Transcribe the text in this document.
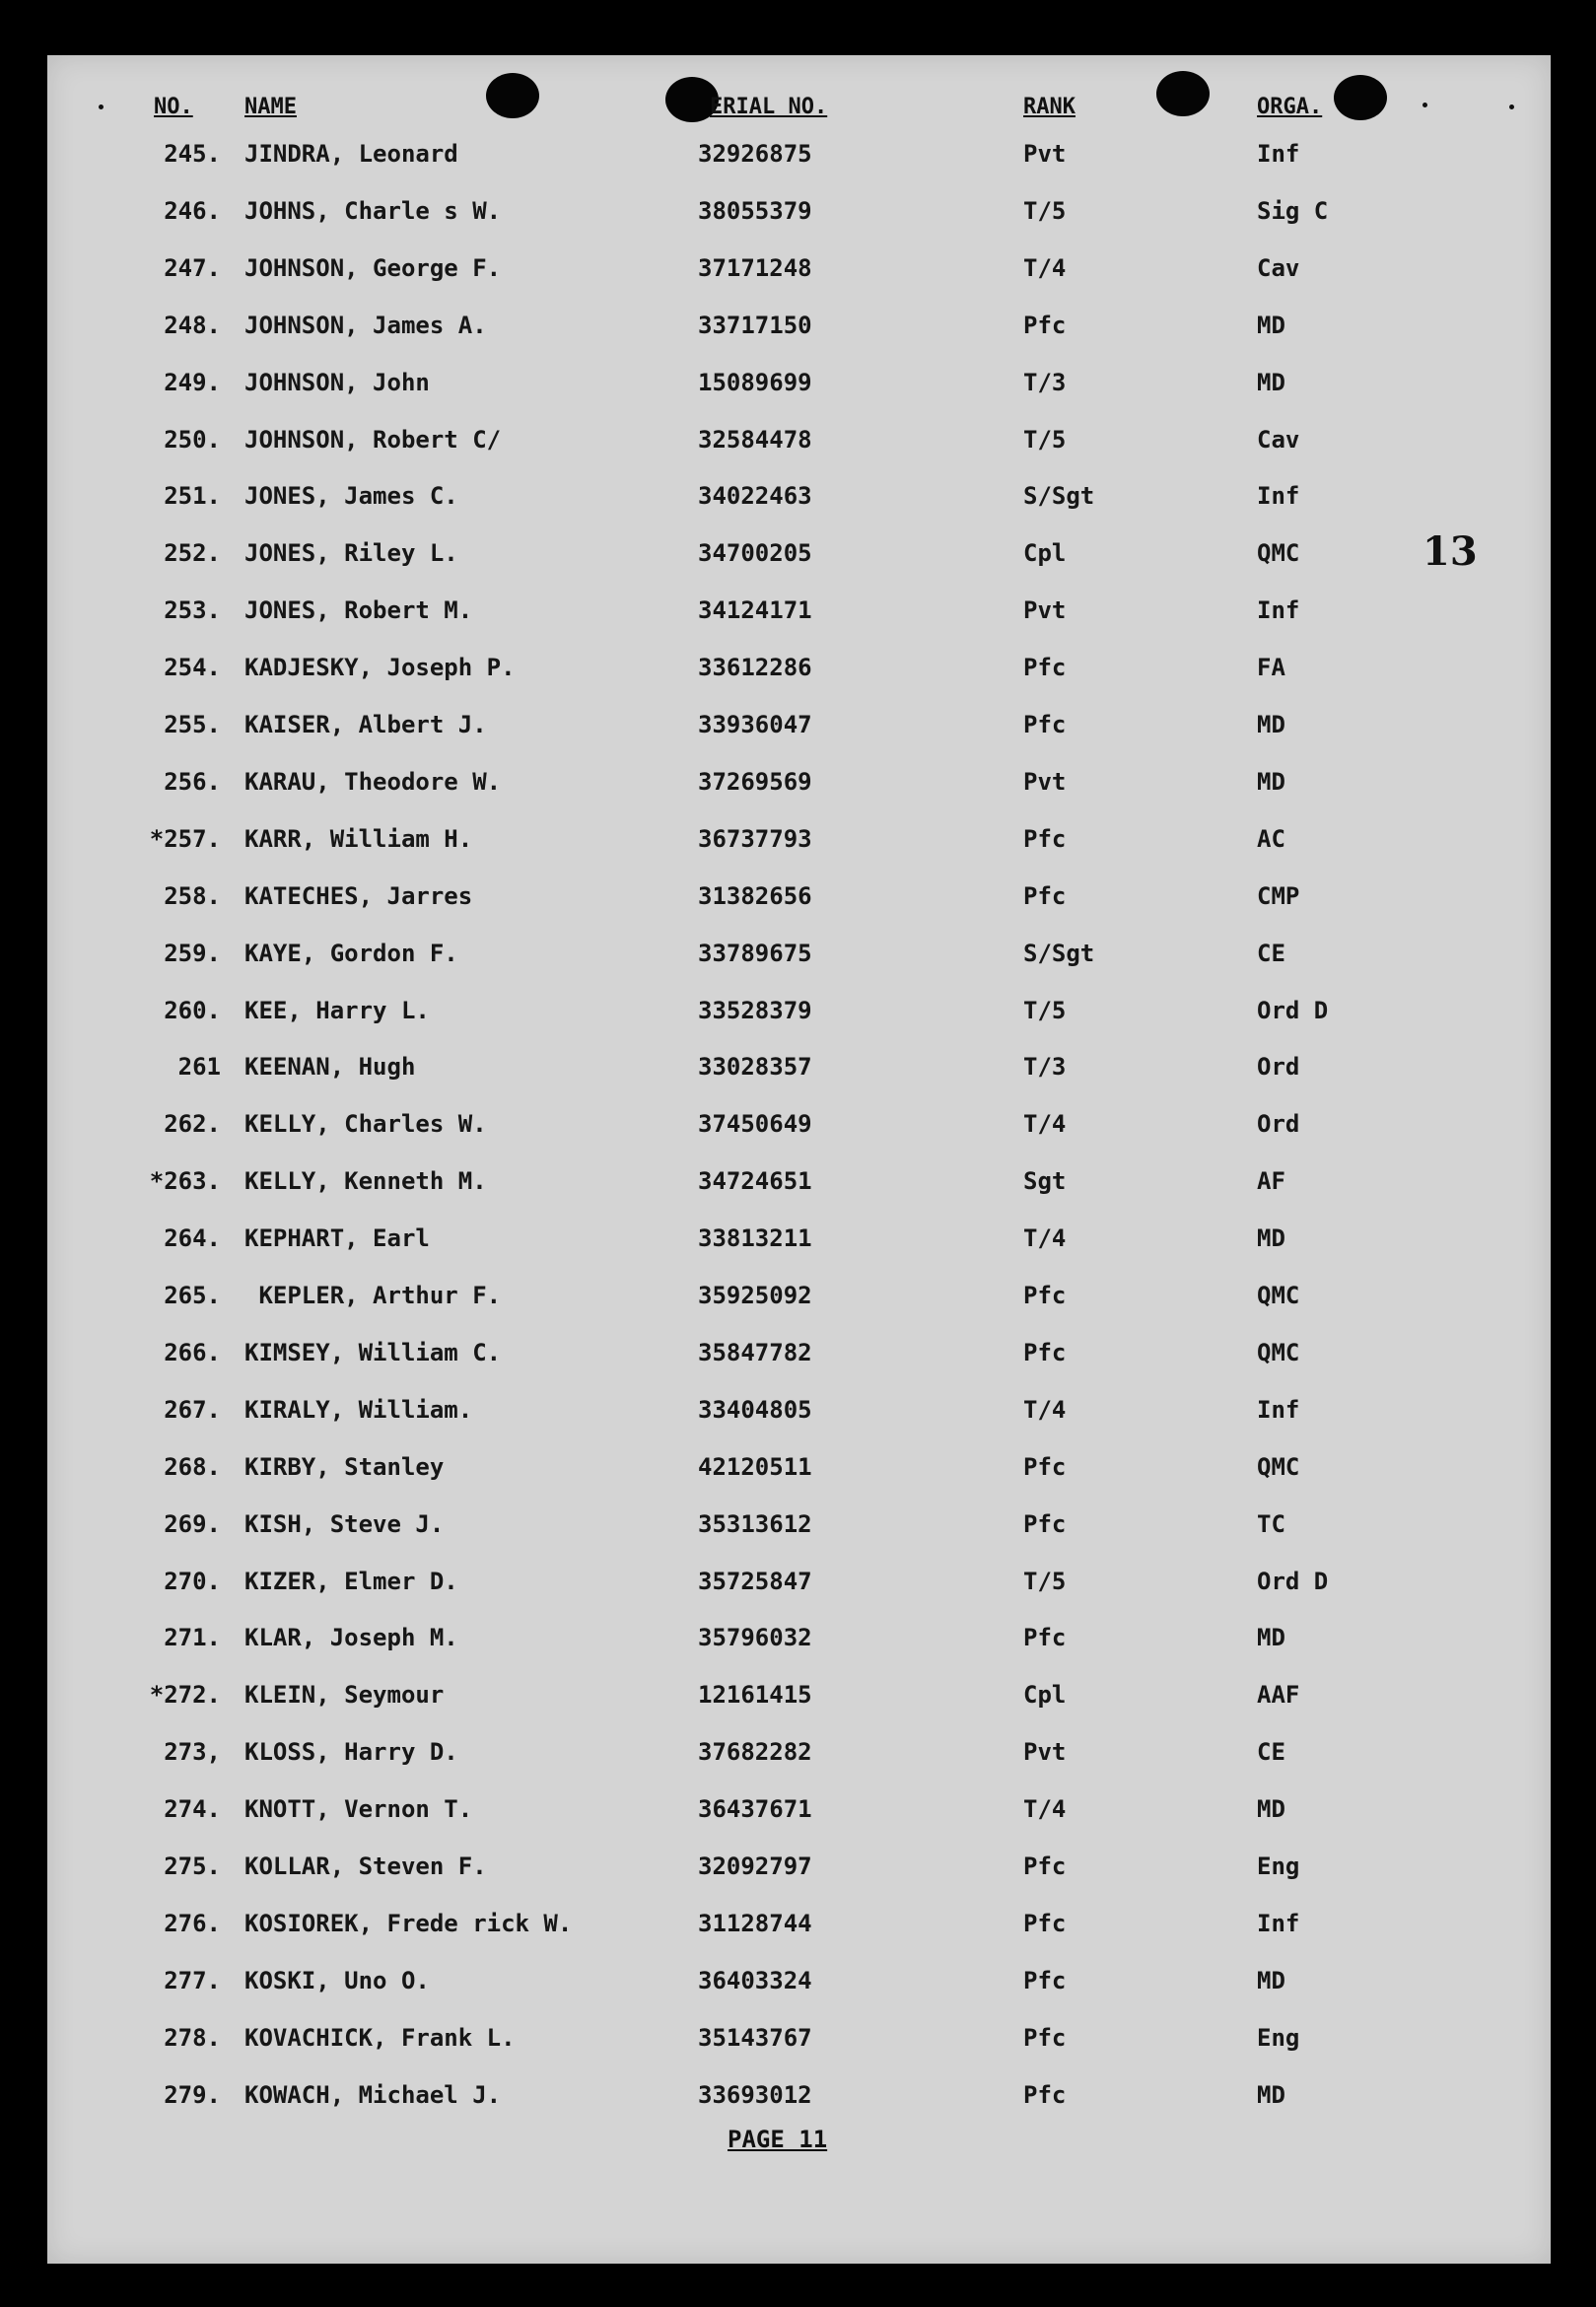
NO. NAME	ERIAL NO.	RANK	ORGA.
245. JINDRA, Leonard	32926875	Pvt	Inf
246. JOHNS, Charle s W.	38055379	T/5	Sig C
247. JOHNSON, George F.	37171248	T/4	Cav
248. JOHNSON, James A.	33717150	Pfc	MD
249. JOHNSON, John	15089699	T/3	MD
250. JOHNSON, Robert C/	32584478	T/5	Cav
251. JONES, James C.	34022463	S/Sgt	Inf
252. JONES, Riley L.	34700205	Cpl	QMC
253. JONES, Robert M.	34124171	Pvt	Inf
254. KADJESKY, Joseph P.	33612286	Pfc	FA
255. KAISER, Albert J.	33936047	Pfc	MD
256. KARAU, Theodore W.	37269569	Pvt	MD
*257. KARR, William H.	36737793	Pfc	AC
258. KATECHES, Jarres	31382656	Pfc	CMP
259. KAYE, Gordon F.	33789675	S/Sgt	CE
260. KEE, Harry L.	33528379	T/5	Ord D
261 KEENAN, Hugh	33028357	T/3	Ord
262. KELLY, Charles W.	37450649	T/4	Ord
*263. KELLY, Kenneth M.	34724651	Sgt	AF
264. KEPHART, Earl	33813211	T/4	MD
265. KEPLER, Arthur F.	35925092	Pfc	QMC
266. KIMSEY, William C.	35847782	Pfc	QMC
267. KIRALY, William.	33404805	T/4	Inf
268. KIRBY, Stanley	42120511	Pfc	QMC
269. KISH, Steve J.	35313612	Pfc	TC
270. KIZER, Elmer D.	35725847	T/5	Ord D
271. KLAR, Joseph M.	35796032	Pfc	MD
*272. KLEIN, Seymour	12161415	Cpl	AAF
273, KLOSS, Harry D.	37682282	Pvt	CE
274. KNOTT, Vernon T.	36437671	T/4	MD
275. KOLLAR, Steven F.	32092797	Pfc	Eng
276. KOSIOREK, Frede rick W.	31128744	Pfc	Inf
277. KOSKI, Uno O.	36403324	Pfc	MD
278. KOVACHICK, Frank L.	35143767	Pfc	Eng
279. KOWACH, Michael J.	33693012	Pfc	MD
13
PAGE 11
